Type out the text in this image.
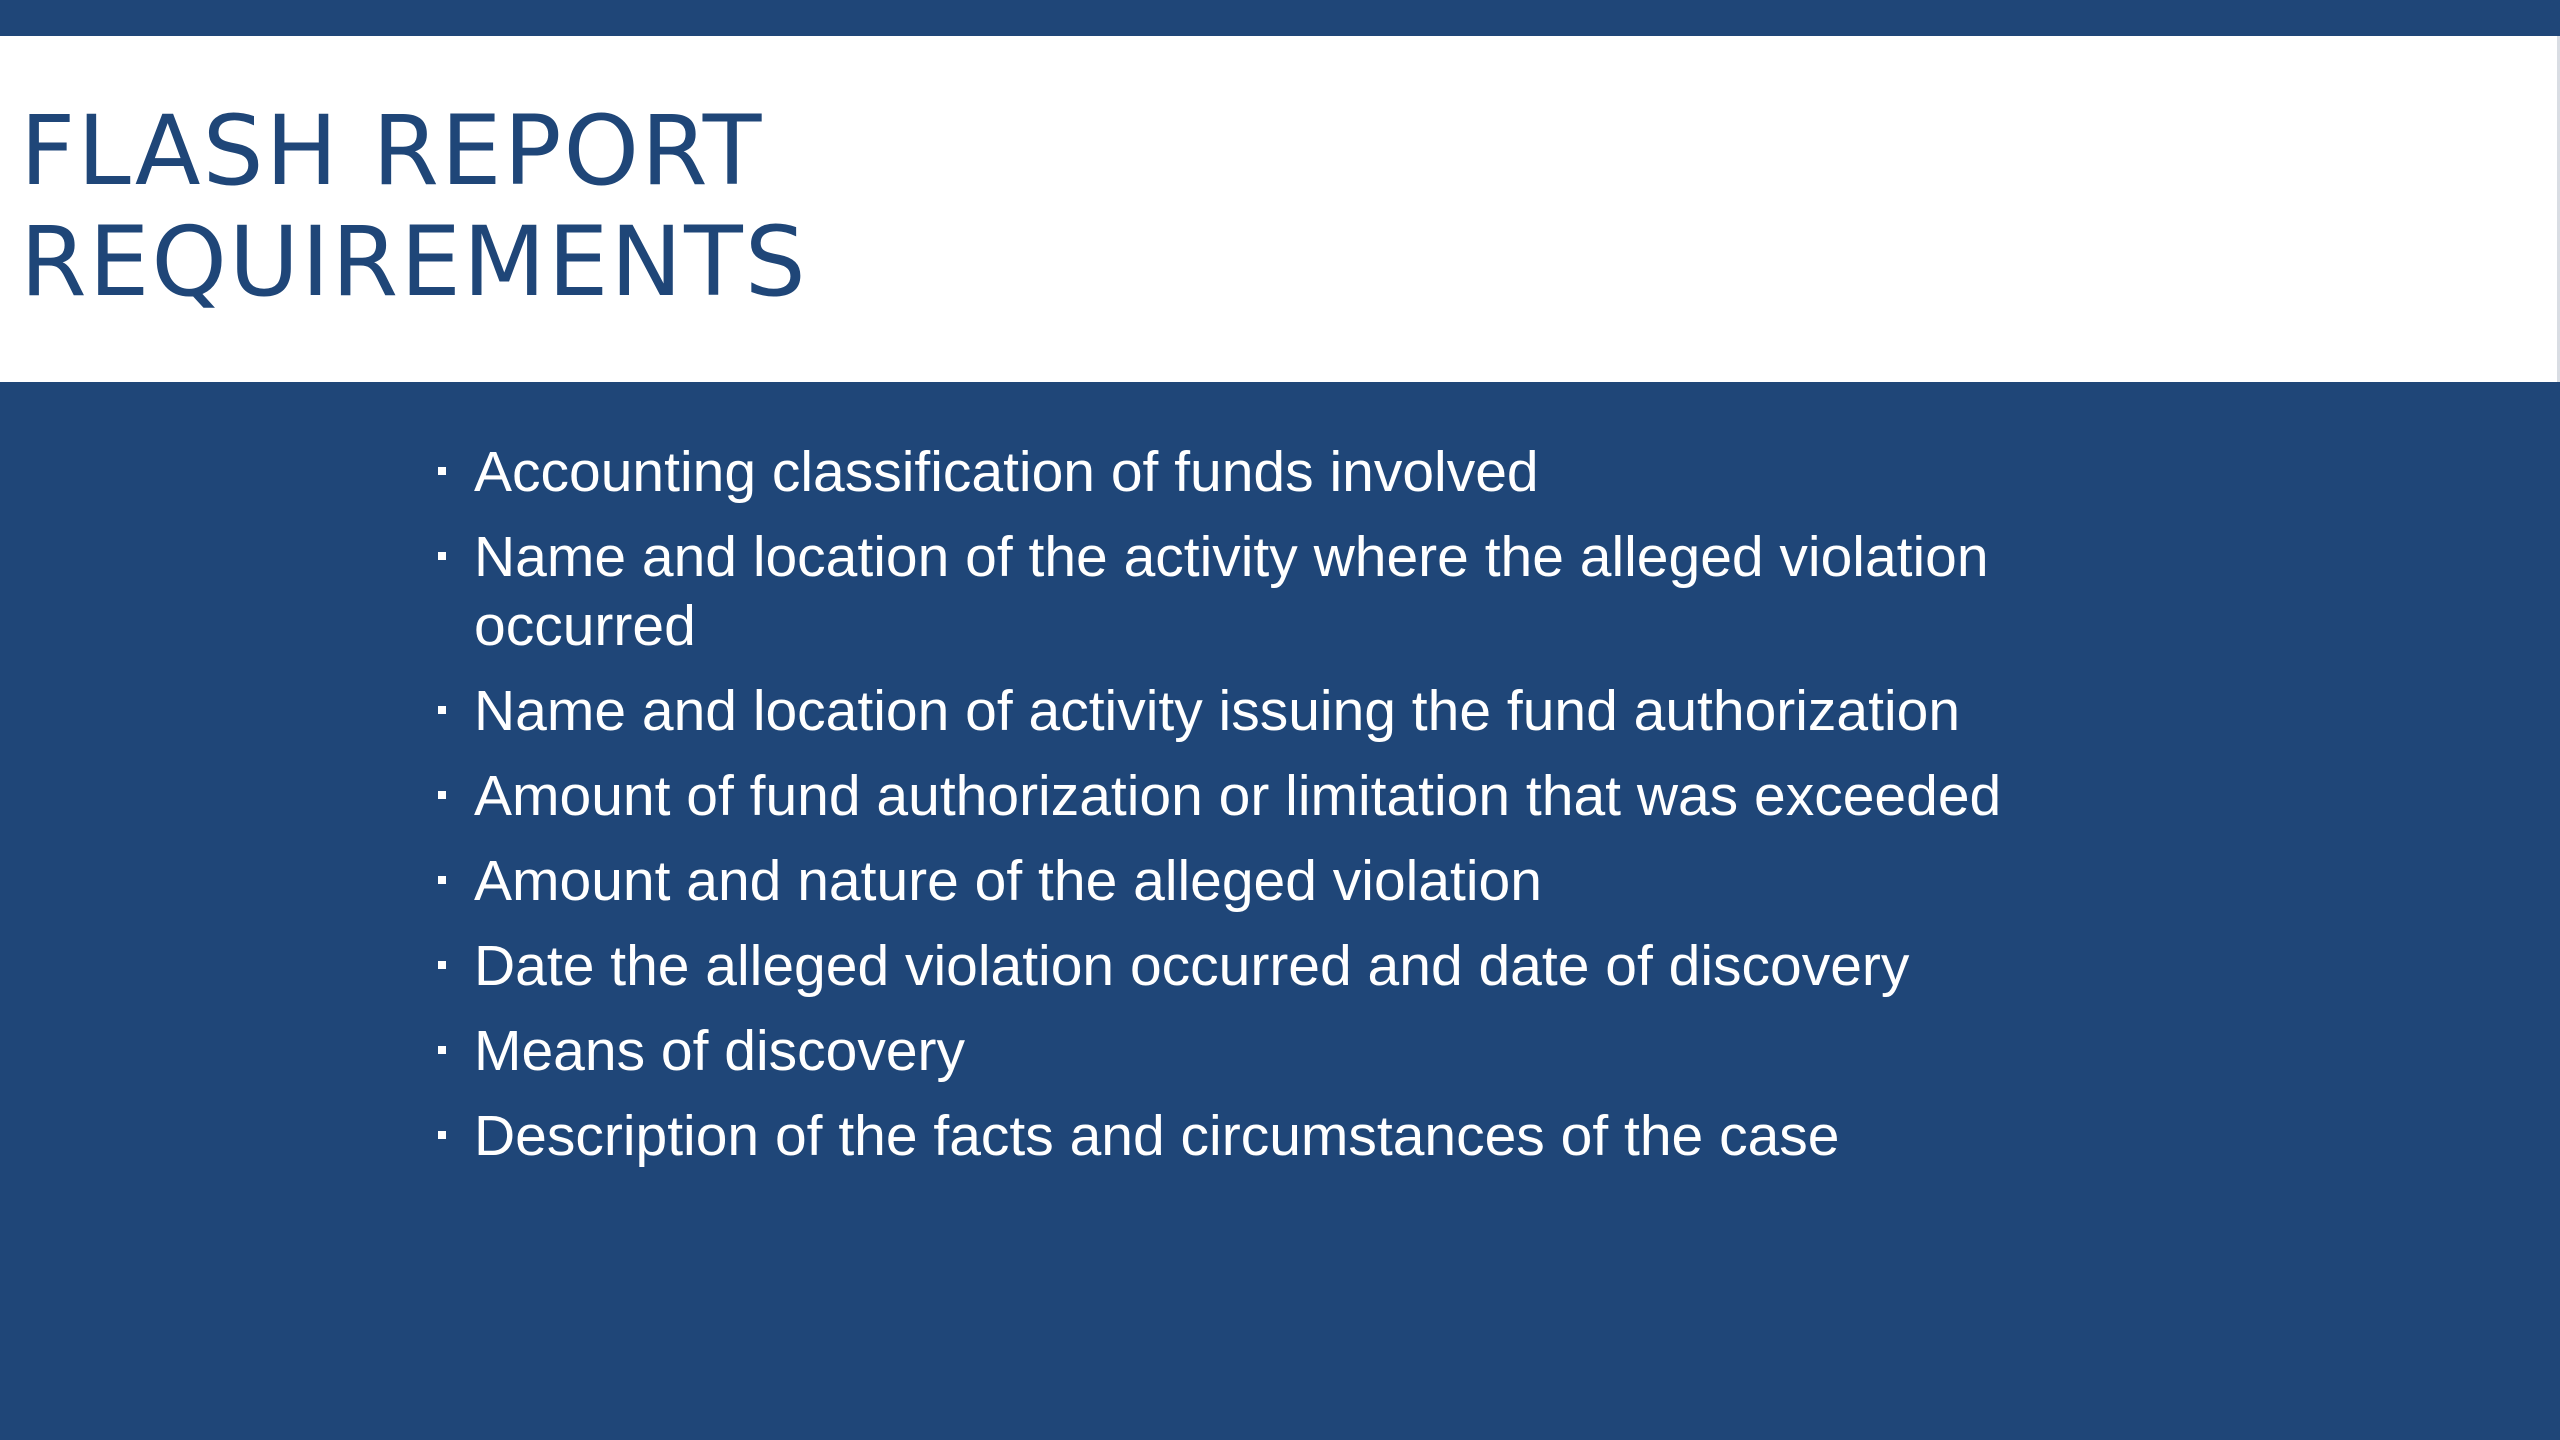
FLASH REPORT
REQUIREMENTS
Accounting classification of funds involved
Name and location of the activity where the alleged violation occurred
Name and location of activity issuing the fund authorization
Amount of fund authorization or limitation that was exceeded
Amount and nature of the alleged violation
Date the alleged violation occurred and date of discovery
Means of discovery
Description of the facts and circumstances of the case
